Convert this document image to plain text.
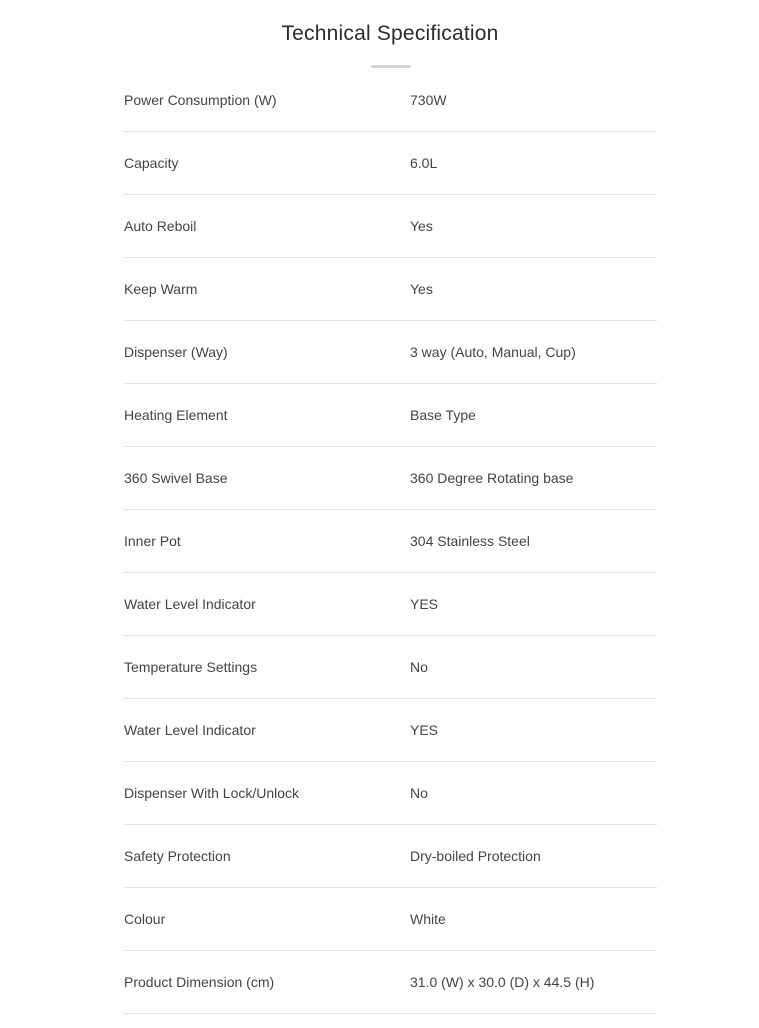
Technical Specification
Power Consumption (W)	730W
Capacity	6.0L
Auto Reboil	Yes
Keep Warm	Yes
Dispenser (Way)	3 way (Auto, Manual, Cup)
Heating Element	Base Type
360 Swivel Base	360 Degree Rotating base
Inner Pot	304 Stainless Steel
Water Level Indicator	YES
Temperature Settings	No
Water Level Indicator	YES
Dispenser With Lock/Unlock	No
Safety Protection	Dry-boiled Protection
Colour	White
Product Dimension (cm)	31.0 (W) x 30.0 (D) x 44.5 (H)
